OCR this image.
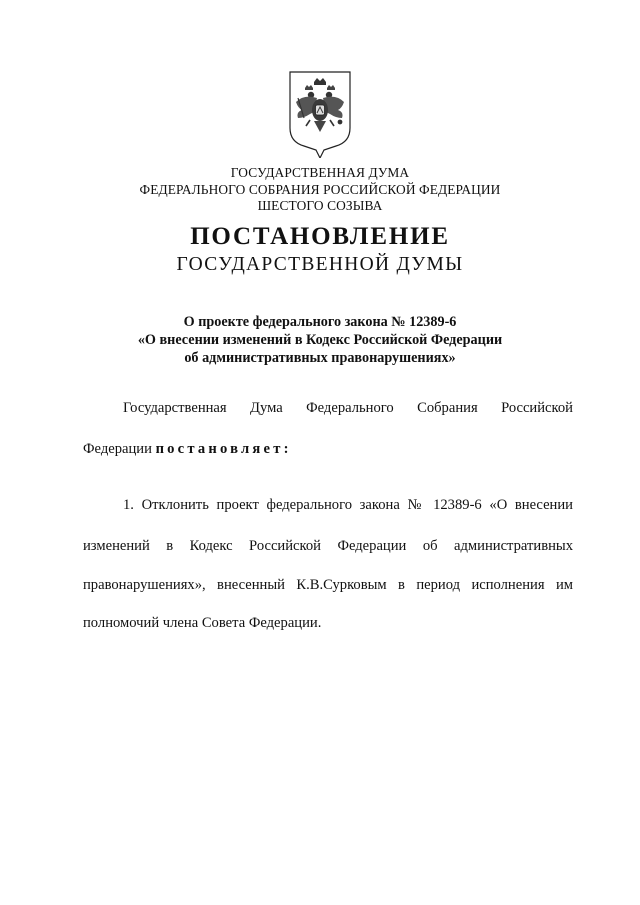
ГОСУДАРСТВЕННАЯ ДУМА
ФЕДЕРАЛЬНОГО СОБРАНИЯ РОССИЙСКОЙ ФЕДЕРАЦИИ
ШЕСТОГО СОЗЫВА
ПОСТАНОВЛЕНИЕ
ГОСУДАРСТВЕННОЙ ДУМЫ
О проекте федерального закона № 12389-6
«О внесении изменений в Кодекс Российской Федерации
об административных правонарушениях»
Государственная Дума Федерального Собрания Российской
Федерации постановляет:
1. Отклонить проект федерального закона № 12389-6 «О внесении
изменений в Кодекс Российской Федерации об административных
правонарушениях», внесенный К.В.Сурковым в период исполнения им
полномочий члена Совета Федерации.
